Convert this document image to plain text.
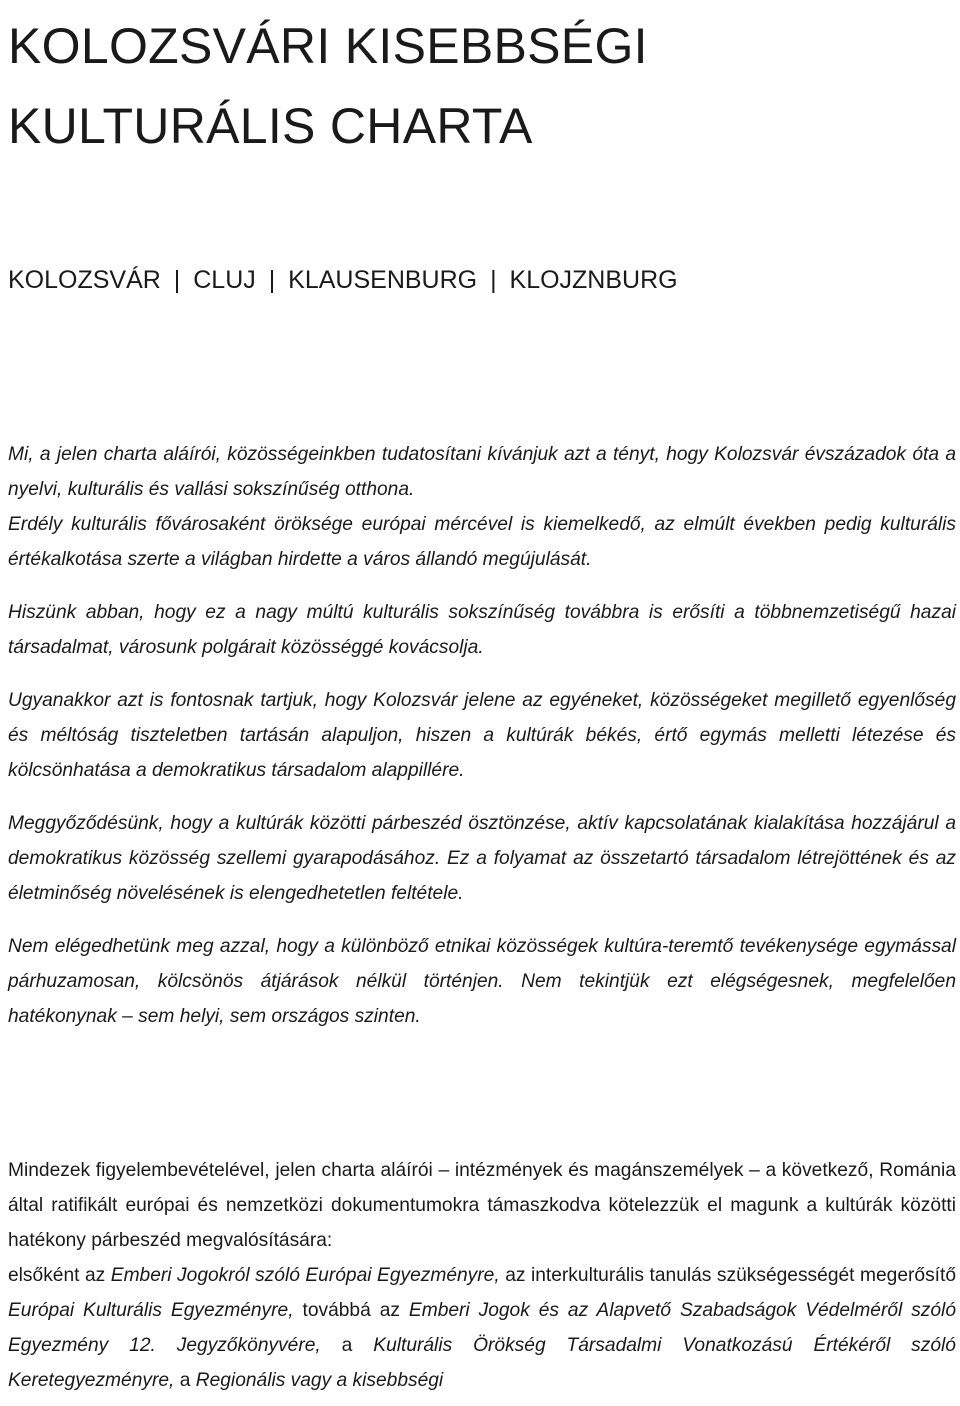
KOLOZSVÁRI KISEBBSÉGI
KULTURÁLIS CHARTA

KOLOZSVÁR | CLUJ | KLAUSENBURG | KLOJZNBURG

Mi, a jelen charta aláírói, közösségeinkben tudatosítani kívánjuk azt a tényt, hogy Kolozsvár évszázadok óta a nyelvi, kulturális és vallási sokszínűség otthona.

Erdély kulturális fővárosaként öröksége európai mércével is kiemelkedő, az elmúlt években pedig kulturális értékalkotása szerte a világban hirdette a város állandó megújulását.

Hiszünk abban, hogy ez a nagy múltú kulturális sokszínűség továbbra is erősíti a többnemzetiségű hazai társadalmat, városunk polgárait közösséggé kovácsolja.

Ugyanakkor azt is fontosnak tartjuk, hogy Kolozsvár jelene az egyéneket, közösségeket megillető egyenlőség és méltóság tiszteletben tartásán alapuljon, hiszen a kultúrák békés, értő egymás melletti létezése és kölcsönhatása a demokratikus társadalom alappillére.

Meggyőződésünk, hogy a kultúrák közötti párbeszéd ösztönzése, aktív kapcsolatának kialakítása hozzájárul a demokratikus közösség szellemi gyarapodásához. Ez a folyamat az összetartó társadalom létrejöttének és az életminőség növelésének is elengedhetetlen feltétele.

Nem elégedhetünk meg azzal, hogy a különböző etnikai közösségek kultúra-teremtő tevékenysége egymással párhuzamosan, kölcsönös átjárások nélkül történjen. Nem tekintjük ezt elégségesnek, megfelelően hatékonynak – sem helyi, sem országos szinten.

Mindezek figyelembevételével, jelen charta aláírói – intézmények és magánszemélyek – a következő, Románia által ratifikált európai és nemzetközi dokumentumokra támaszkodva kötelezzük el magunk a kultúrák közötti hatékony párbeszéd megvalósítására:

elsőként az Emberi Jogokról szóló Európai Egyezményre, az interkulturális tanulás szükségességét megerősítő Európai Kulturális Egyezményre, továbbá az Emberi Jogok és az Alapvető Szabadságok Védelméről szóló Egyezmény 12. Jegyzőkönyvére, a Kulturális Örökség Társadalmi Vonatkozású Értékéről szóló Keretegyezményre, a Regionális vagy a kisebbségi
